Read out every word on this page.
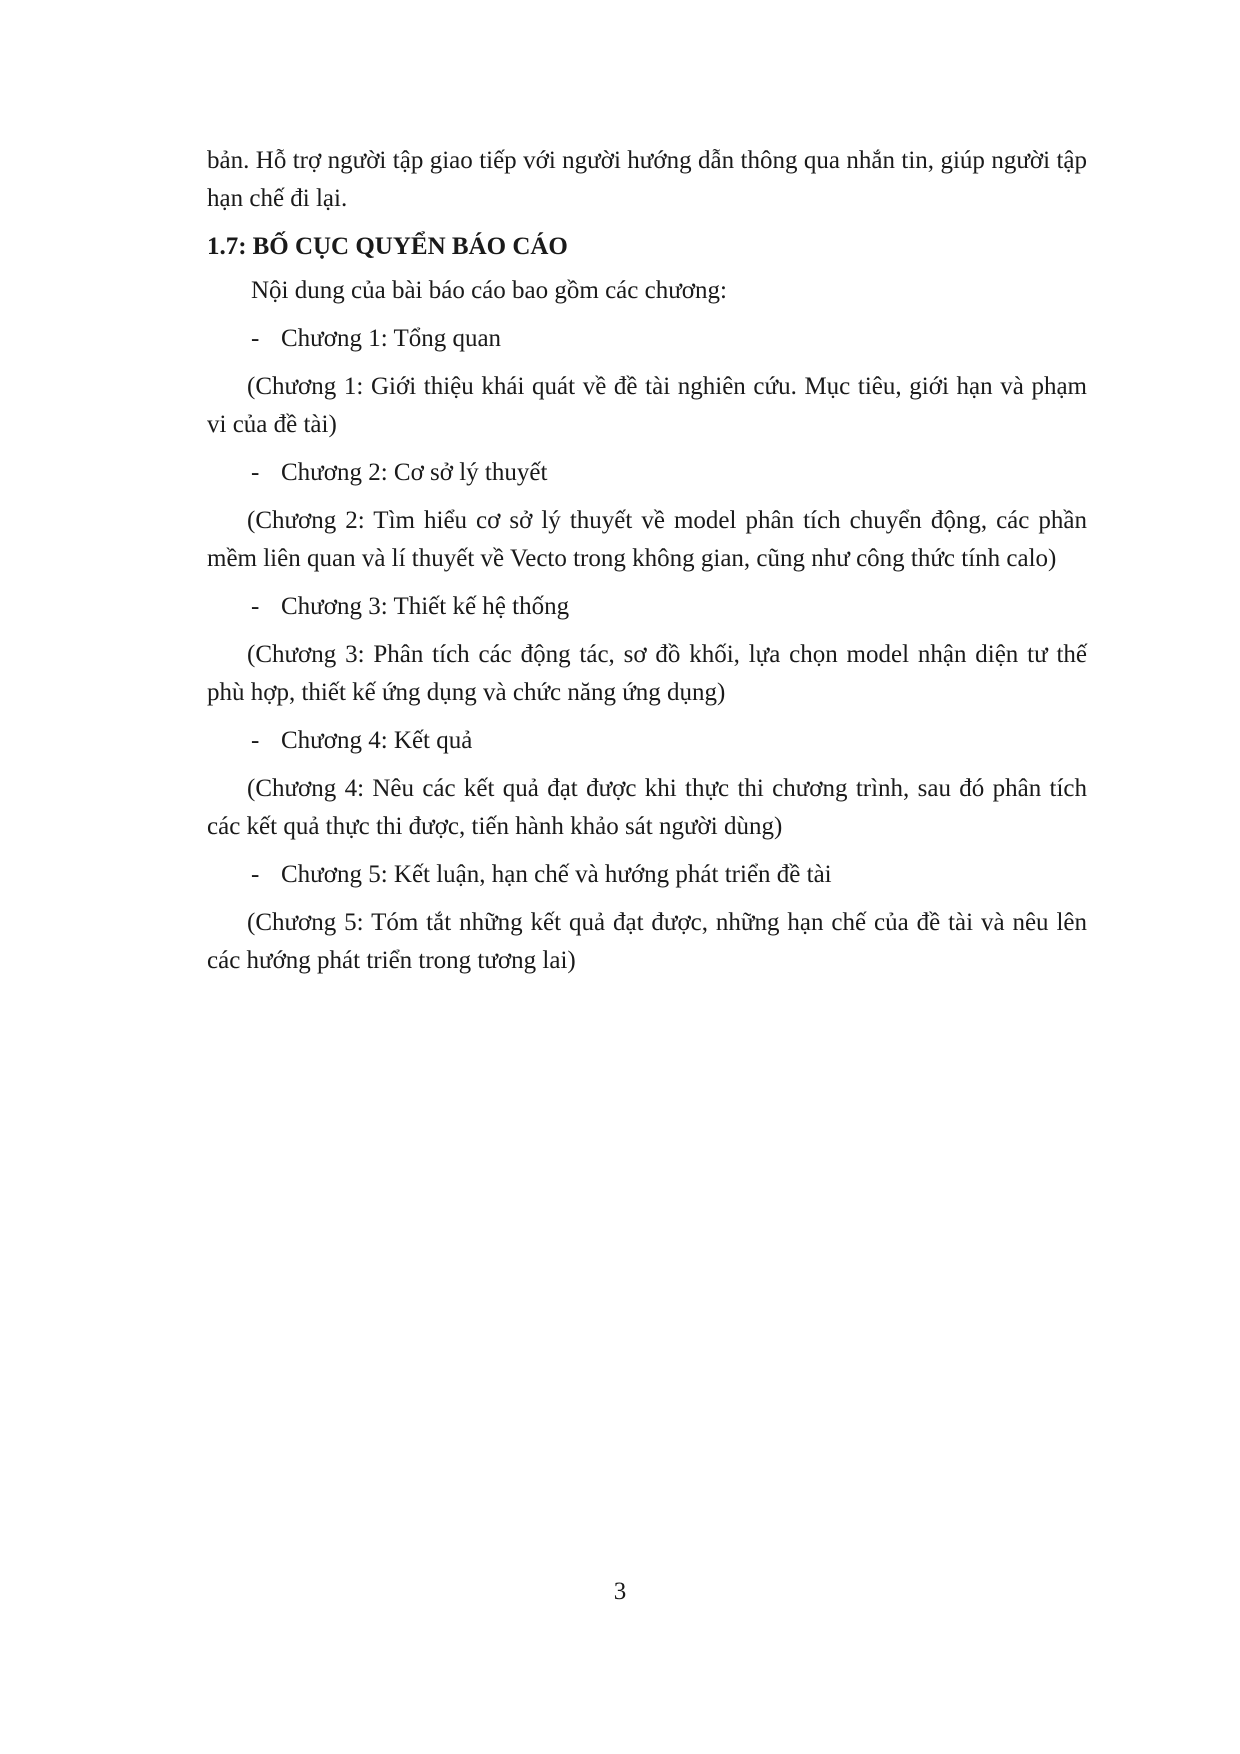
bản. Hỗ trợ người tập giao tiếp với người hướng dẫn thông qua nhắn tin, giúp người tập hạn chế đi lại.

1.7: BỐ CỤC QUYỂN BÁO CÁO

Nội dung của bài báo cáo bao gồm các chương:

- Chương 1: Tổng quan

(Chương 1: Giới thiệu khái quát về đề tài nghiên cứu. Mục tiêu, giới hạn và phạm vi của đề tài)

- Chương 2: Cơ sở lý thuyết

(Chương 2: Tìm hiểu cơ sở lý thuyết về model phân tích chuyển động, các phần mềm liên quan và lí thuyết về Vecto trong không gian, cũng như công thức tính calo)

- Chương 3: Thiết kế hệ thống

(Chương 3: Phân tích các động tác, sơ đồ khối, lựa chọn model nhận diện tư thế phù hợp, thiết kế ứng dụng và chức năng ứng dụng)

- Chương 4: Kết quả

(Chương 4: Nêu các kết quả đạt được khi thực thi chương trình, sau đó phân tích các kết quả thực thi được, tiến hành khảo sát người dùng)

- Chương 5: Kết luận, hạn chế và hướng phát triển đề tài

(Chương 5: Tóm tắt những kết quả đạt được, những hạn chế của đề tài và nêu lên các hướng phát triển trong tương lai)

3
